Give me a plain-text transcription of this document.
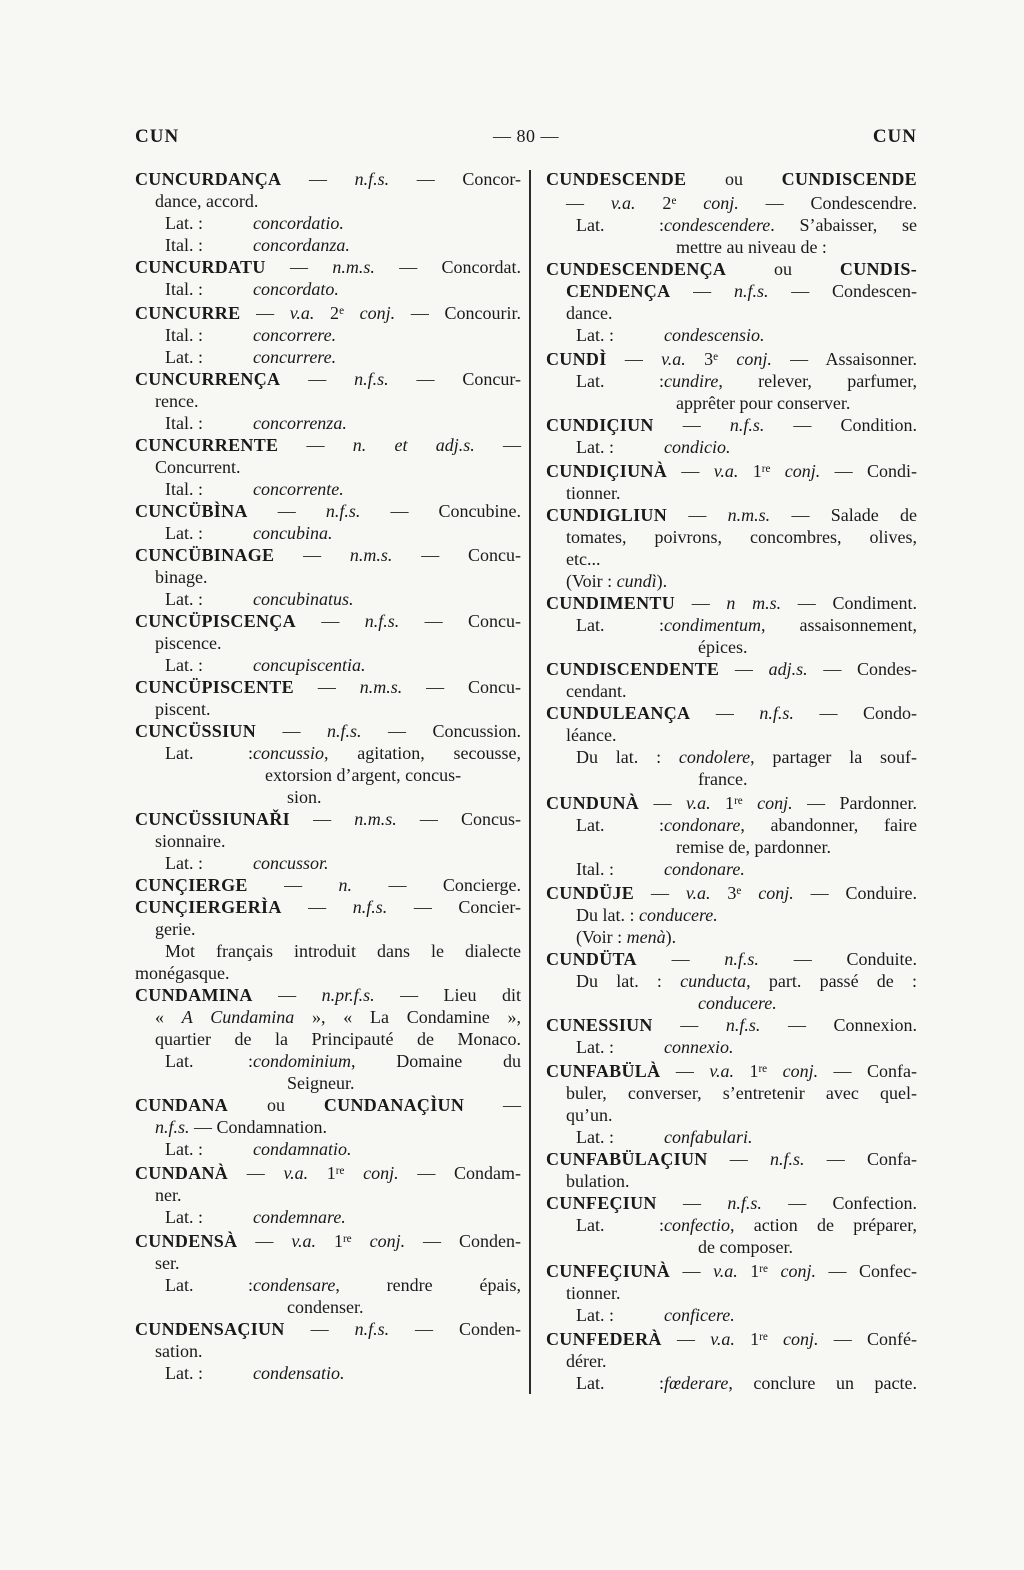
CUN	— 80 —	CUN
CUNCURDANÇA — n.f.s. — Concor-
dance, accord.
Lat. :	concordatio.
Ital. :	concordanza.
CUNCURDATU — n.m.s. — Concordat.
Ital. :	concordato.
CUNCURRE — v.a. 2e conj. — Concourir.
Ital. :	concorrere.
Lat. :	concurrere.
CUNCURRENÇA — n.f.s. — Concur-
rence.
Ital. :	concorrenza.
CUNCURRENTE — n. et adj.s. —
Concurrent.
Ital. :	concorrente.
CUNCÜBÌNA — n.f.s. — Concubine.
Lat. :	concubina.
CUNCÜBINAGE — n.m.s. — Concu-
binage.
Lat. :	concubinatus.
CUNCÜPISCENÇA — n.f.s. — Concu-
piscence.
Lat. :	concupiscentia.
CUNCÜPISCENTE — n.m.s. — Concu-
piscent.
CUNCÜSSIUN — n.f.s. — Concussion.
Lat. :concussio, agitation, secousse,
extorsion d’argent, concus-
sion.
CUNCÜSSIUNAŘI — n.m.s. — Concus-
sionnaire.
Lat. :	concussor.
CUNÇIERGE — n. — Concierge.
CUNÇIERGERÌA — n.f.s. — Concier-
gerie.
Mot français introduit dans le dialecte
monégasque.
CUNDAMINA — n.pr.f.s. — Lieu dit
« A Cundamina », « La Condamine »,
quartier de la Principauté de Monaco.
Lat. :condominium, Domaine du
Seigneur.
CUNDANA ou CUNDANAÇÌUN —
n.f.s. — Condamnation.
Lat. :	condamnatio.
CUNDANÀ — v.a. 1re conj. — Condam-
ner.
Lat. :	condemnare.
CUNDENSÀ — v.a. 1re conj. — Conden-
ser.
Lat. :condensare, rendre épais,
condenser.
CUNDENSAÇIUN — n.f.s. — Conden-
sation.
Lat. :	condensatio.
CUNDESCENDE ou CUNDISCENDE
— v.a. 2e conj. — Condescendre.
Lat. :condescendere. S’abaisser, se
mettre au niveau de :
CUNDESCENDENÇA ou CUNDIS-
CENDENÇA — n.f.s. — Condescen-
dance.
Lat. :	condescensio.
CUNDÌ — v.a. 3e conj. — Assaisonner.
Lat. :cundire, relever, parfumer,
apprêter pour conserver.
CUNDIÇIUN — n.f.s. — Condition.
Lat. :	condicio.
CUNDIÇIUNÀ — v.a. 1re conj. — Condi-
tionner.
CUNDIGLIUN — n.m.s. — Salade de
tomates, poivrons, concombres, olives,
etc...
(Voir : cundì).
CUNDIMENTU — n m.s. — Condiment.
Lat. :condimentum, assaisonnement,
épices.
CUNDISCENDENTE — adj.s. — Condes-
cendant.
CUNDULEANÇA — n.f.s. — Condo-
léance.
Du lat. : condolere, partager la souf-
france.
CUNDUNÀ — v.a. 1re conj. — Pardonner.
Lat. :condonare, abandonner, faire
remise de, pardonner.
Ital. :	condonare.
CUNDÜJE — v.a. 3e conj. — Conduire.
Du lat. : conducere.
(Voir : menà).
CUNDÜTA — n.f.s. — Conduite.
Du lat. : cunducta, part. passé de :
conducere.
CUNESSIUN — n.f.s. — Connexion.
Lat. :	connexio.
CUNFABÜLÀ — v.a. 1re conj. — Confa-
buler, converser, s’entretenir avec quel-
qu’un.
Lat. :	confabulari.
CUNFABÜLAÇIUN — n.f.s. — Confa-
bulation.
CUNFEÇIUN — n.f.s. — Confection.
Lat. :confectio, action de préparer,
de composer.
CUNFEÇIUNÀ — v.a. 1re conj. — Confec-
tionner.
Lat. :	conficere.
CUNFEDERÀ — v.a. 1re conj. — Confé-
dérer.
Lat. :fœderare, conclure un pacte.
